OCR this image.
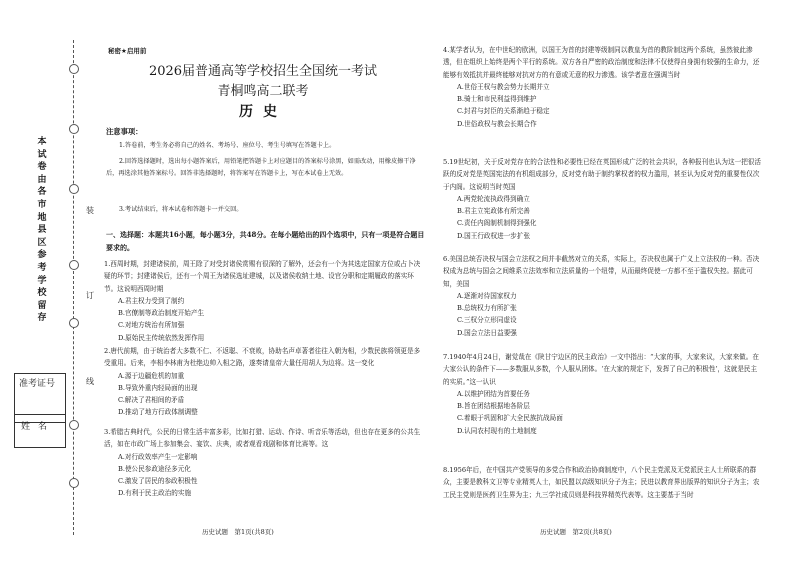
本试卷由各市地县区参考学校留存
装
订
线
准考证号
姓名
秘密★启用前
2026届普通高等学校招生全国统一考试
青桐鸣高二联考
历史
注意事项：
1.答卷前，考生务必将自己的姓名、考场号、座位号、考生号填写在答题卡上。
2.回答选择题时，选出每小题答案后，用铅笔把答题卡上对应题目的答案标号涂黑，如需改动，用橡皮擦干净后，再选涂其他答案标号。回答非选择题时，将答案写在答题卡上，写在本试卷上无效。
3.考试结束后，将本试卷和答题卡一并交回。
一、选择题：本题共16小题，每小题3分，共48分。在每小题给出的四个选项中，只有一项是符合题目要求的。

1.西周时期，封建诸侯前，周王除了对受封诸侯赏赐有很深的了解外，还会有一个为其选定国家方位或占卜决疑的环节；封建诸侯后，还有一个周王为诸侯选址建城，以及诸侯收纳土地、设官分职和定期履政的落实环节。这说明西周时期

A.君主权力受到了制约

B.官僚制等政治制度开始产生

C.对地方统治有所加强

D.原始民主传统依然发挥作用

2.唐代前期，由于统治者大多数不仁、不返聪、不衰败，协助名声卓著者往往入朝为相，少数民族将领更是多受重用。后来，李相李林甫为杜绝边帅入相之路，遂奏请皇帝大量任用胡人为边将。这一变化

A.源于边疆危机的加重

B.导致外重内轻局面的出现

C.解决了君相间的矛盾

D.推动了地方行政体制调整

3.希腊古典时代，公民的日常生活丰富多彩，比如打猎、运动、作诗、听音乐等活动，但也存在更多的公共生活，如在市政广场上参加集会、宴饮、庆典，或者观看戏剧和体育比赛等。这

A.对行政效率产生一定影响

B.使公民参政途径多元化

C.激发了居民的参政积极性

D.有利于民主政治的实施

4.某学者认为，在中世纪的欧洲，以国王为首的封建等级制同以教皇为首的教阶制这两个系统，虽然彼此渗透，但在组织上始终是两个平行的系统。双方各自严密的政治制度和法律不仅使得自身拥有较强的生命力，还能够有效抵抗并最终能够对抗对方的有意或无意的权力渗透。该学者意在强调当时

A.世俗王权与教会势力长期并立

B.骑士和市民利益得到维护

C.封君与封臣的关系渐趋于稳定

D.世俗政权与教会长期合作

5.19世纪初，关于反对党存在的合法性和必要性已经在英国形成广泛的社会共识，各种报刊也认为这一把很活跃的反对党是英国宪法的有机组成部分，反对党有助于制约掌权者的权力滥用，甚至认为反对党的重要性仅次于内阁。这说明当时英国

A.两党轮流执政得到确立

B.君主立宪政体有所完善

C.责任内阁制机制得到强化

D.国王行政权进一步扩张

6.美国总统否决权与国会立法权之间并非截然对立的关系，实际上，否决权也属于广义上立法权的一种。否决权成为总统与国会之间维系立法效率和立法质量的一个纽带，从而最终促使一方都不至于滥权失控。据此可知，美国

A.逐渐对待国家权力

B.总统权力有所扩张

C.三权分立形同虚设

D.国会立法日益要强

7.1940年4月24日，谢觉哉在《陕甘宁边区的民主政治》一文中指出：“大家的事，大家来议，大家来做。在大家公认的条件下——多数服从多数，个人服从团体。‘在大家的规定下，发挥了自己的积极性’，这就是民主的实质。”这一认识

A.以维护团结为首要任务

B.旨在团结根据地各阶层

C.着眼于巩固和扩大全民族抗战局面

D.认同农村现有的土地制度

8.1956年后，在中国共产党领导的多党合作和政治协商制度中，八个民主党派及无党派民主人士所联系的群众，主要是教科文卫等专业精英人士，如民盟以高级知识分子为主；民进以教育界出版界的知识分子为主；农工民主党则是医药卫生界为主；九三学社成员则是科技界精英代表等。这主要基于当时

历史试题　第1页(共8页)	历史试题　第2页(共8页)
